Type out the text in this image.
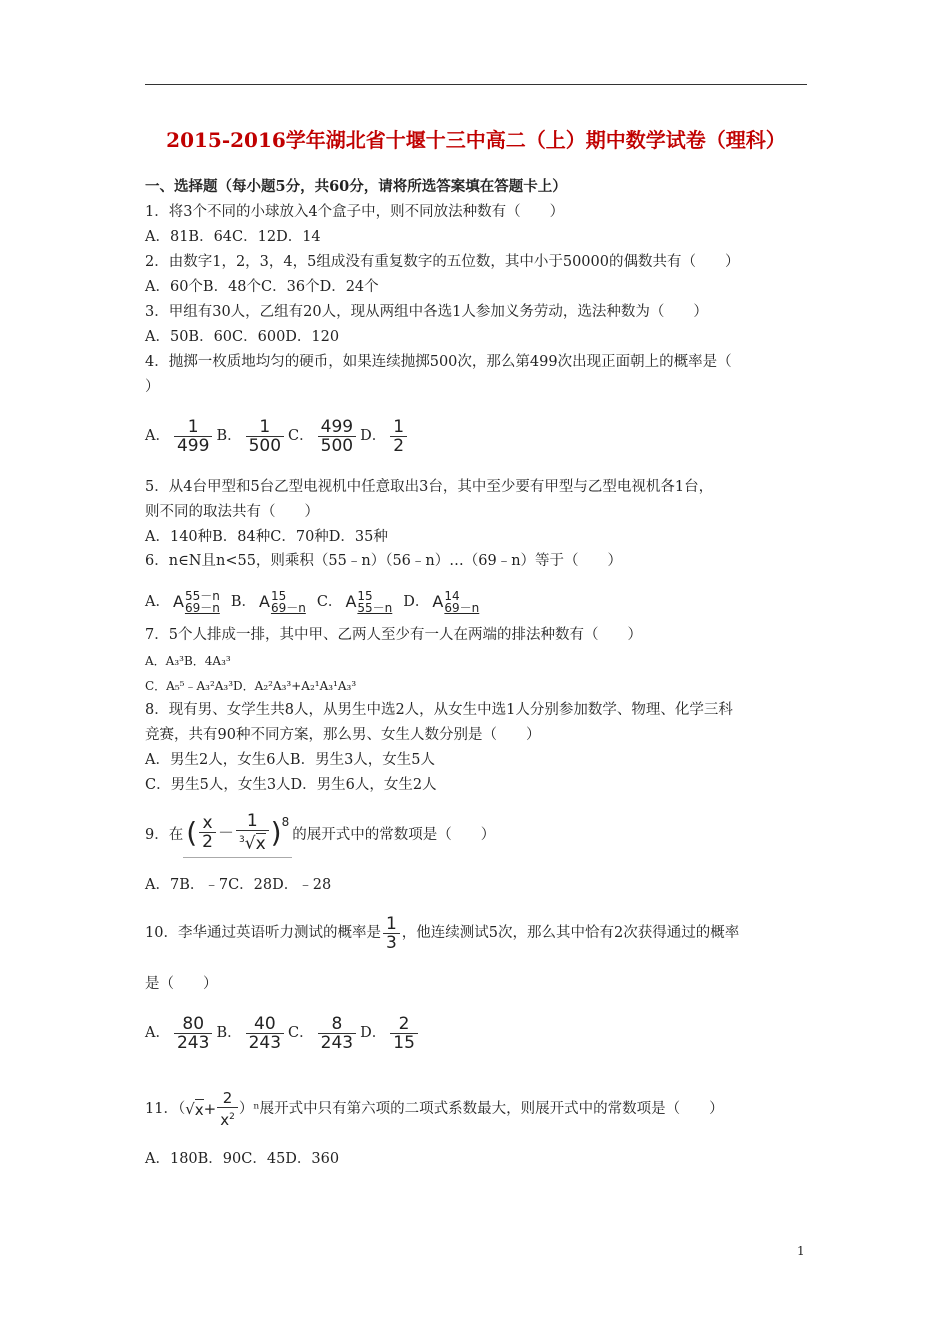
2015-2016学年湖北省十堰十三中高二（上）期中数学试卷（理科）
一、选择题（每小题5分，共60分，请将所选答案填在答题卡上）
1．将3个不同的小球放入4个盒子中，则不同放法种数有（　　）
A．81B．64C．12D．14
2．由数字1，2，3，4，5组成没有重复数字的五位数，其中小于50000的偶数共有（　　）
A．60个B．48个C．36个D．24个
3．甲组有30人，乙组有20人，现从两组中各选1人参加义务劳动，选法种数为（　　）
A．50B．60C．600D．120
4．抛掷一枚质地均匀的硬币，如果连续抛掷500次，那么第499次出现正面朝上的概率是（
）
A． $\frac{1}{499}$ B． $\frac{1}{500}$ C． $\frac{499}{500}$ D． $\frac{1}{2}$
5．从4台甲型和5台乙型电视机中任意取出3台，其中至少要有甲型与乙型电视机各1台，
则不同的取法共有（　　）
A．140种B．84种C．70种D．35种
6．n∈N且n<55，则乘积（55﹣n）（56﹣n）…（69﹣n）等于（　　）
A． A 55－n
69－n B． A 15
69－n C． A 15
55－n D． A 14
69－n
7．5个人排成一排，其中甲、乙两人至少有一人在两端的排法种数有（　　）
A．A₃³B．4A₃³
C．A₅⁵﹣A₃²A₃³D．A₂²A₃³+A₂¹A₃¹A₃³
8．现有男、女学生共8人，从男生中选2人，从女生中选1人分别参加数学、物理、化学三科
竞赛，共有90种不同方案，那么男、女生人数分别是（　　）
A．男生2人，女生6人B．男生3人，女生5人
C．男生5人，女生3人D．男生6人，女生2人
9．在 ( $\frac{x}{2} - \frac{1}{^3√x} )^8$
的展开式中的常数项是（　　）
A．7B．﹣7C．28D．﹣28
10．李华通过英语听力测试的概率是 $\frac{1}{3}$ ，他连续测试5次，那么其中恰有2次获得通过的概率
是（　　）
A． $\frac{80}{243}$ B． $\frac{40}{243}$ C． $\frac{8}{243}$ D． $\frac{2}{15}$
11．（ √ $x + \frac{2}{x^2} )^n$展开式中只有第六项的二项式系数最大，则展开式中的常数项是（　　）
A．180B．90C．45D．360
1
